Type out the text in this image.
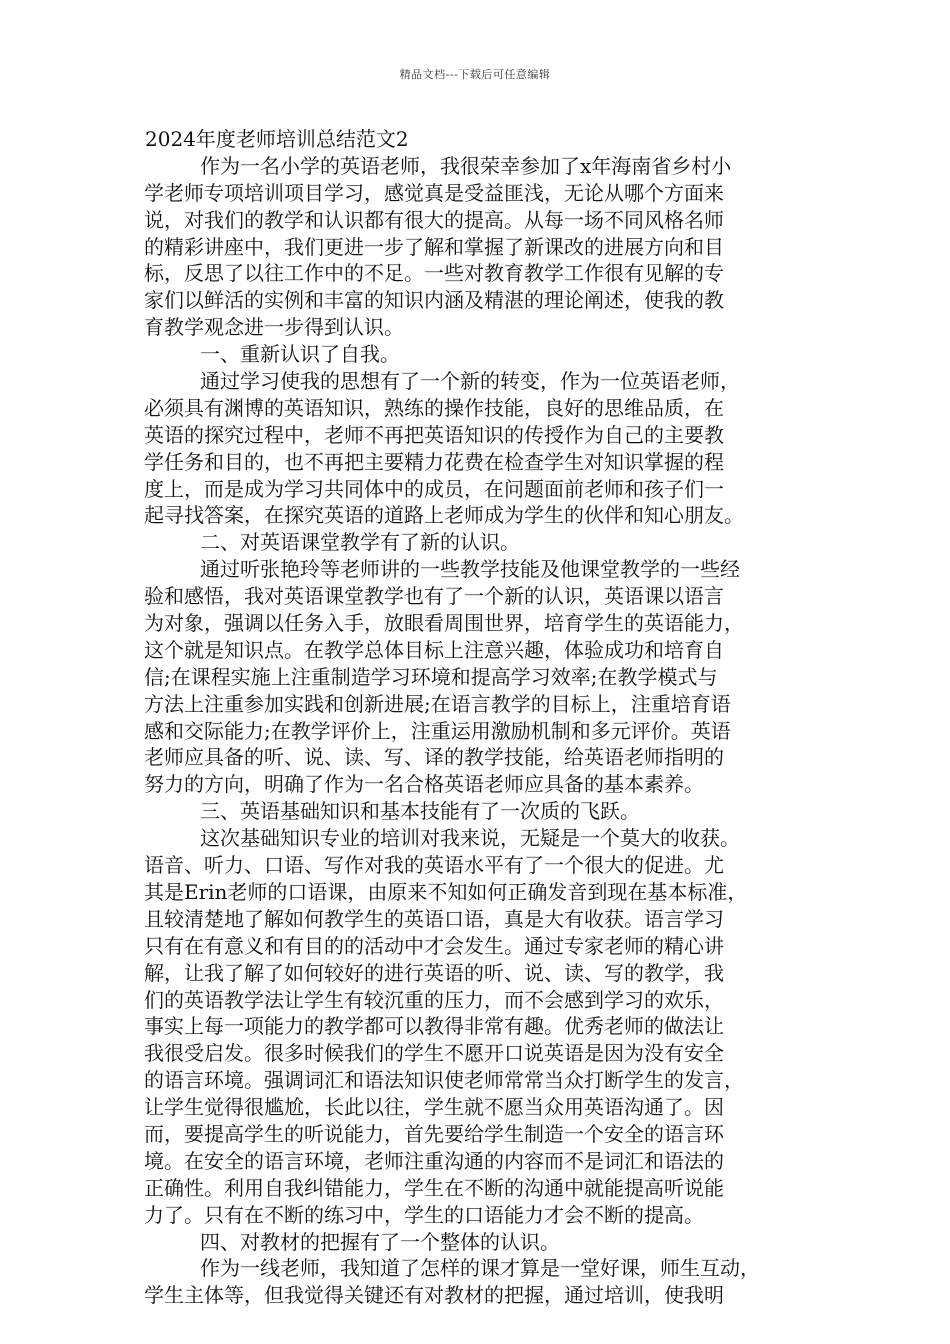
精品文档---下载后可任意编辑
2024年度老师培训总结范文2
作为一名小学的英语老师，我很荣幸参加了x年海南省乡村小
学老师专项培训项目学习，感觉真是受益匪浅，无论从哪个方面来
说，对我们的教学和认识都有很大的提高。从每一场不同风格名师
的精彩讲座中，我们更进一步了解和掌握了新课改的进展方向和目
标，反思了以往工作中的不足。一些对教育教学工作很有见解的专
家们以鲜活的实例和丰富的知识内涵及精湛的理论阐述，使我的教
育教学观念进一步得到认识。
一、重新认识了自我。
通过学习使我的思想有了一个新的转变，作为一位英语老师，
必须具有渊博的英语知识，熟练的操作技能，良好的思维品质，在
英语的探究过程中，老师不再把英语知识的传授作为自己的主要教
学任务和目的，也不再把主要精力花费在检查学生对知识掌握的程
度上，而是成为学习共同体中的成员，在问题面前老师和孩子们一
起寻找答案，在探究英语的道路上老师成为学生的伙伴和知心朋友。
二、对英语课堂教学有了新的认识。
通过听张艳玲等老师讲的一些教学技能及他课堂教学的一些经
验和感悟，我对英语课堂教学也有了一个新的认识，英语课以语言
为对象，强调以任务入手，放眼看周围世界，培育学生的英语能力，
这个就是知识点。在教学总体目标上注意兴趣，体验成功和培育自
信;在课程实施上注重制造学习环境和提高学习效率;在教学模式与
方法上注重参加实践和创新进展;在语言教学的目标上，注重培育语
感和交际能力;在教学评价上，注重运用激励机制和多元评价。英语
老师应具备的听、说、读、写、译的教学技能，给英语老师指明的
努力的方向，明确了作为一名合格英语老师应具备的基本素养。
三、英语基础知识和基本技能有了一次质的飞跃。
这次基础知识专业的培训对我来说，无疑是一个莫大的收获。
语音、听力、口语、写作对我的英语水平有了一个很大的促进。尤
其是Erin老师的口语课，由原来不知如何正确发音到现在基本标准，
且较清楚地了解如何教学生的英语口语，真是大有收获。语言学习
只有在有意义和有目的的活动中才会发生。通过专家老师的精心讲
解，让我了解了如何较好的进行英语的听、说、读、写的教学，我
们的英语教学法让学生有较沉重的压力，而不会感到学习的欢乐，
事实上每一项能力的教学都可以教得非常有趣。优秀老师的做法让
我很受启发。很多时候我们的学生不愿开口说英语是因为没有安全
的语言环境。强调词汇和语法知识使老师常常当众打断学生的发言，
让学生觉得很尴尬，长此以往，学生就不愿当众用英语沟通了。因
而，要提高学生的听说能力，首先要给学生制造一个安全的语言环
境。在安全的语言环境，老师注重沟通的内容而不是词汇和语法的
正确性。利用自我纠错能力，学生在不断的沟通中就能提高听说能
力了。只有在不断的练习中，学生的口语能力才会不断的提高。
四、对教材的把握有了一个整体的认识。
作为一线老师，我知道了怎样的课才算是一堂好课，师生互动，
学生主体等，但我觉得关键还有对教材的把握，通过培训，使我明
